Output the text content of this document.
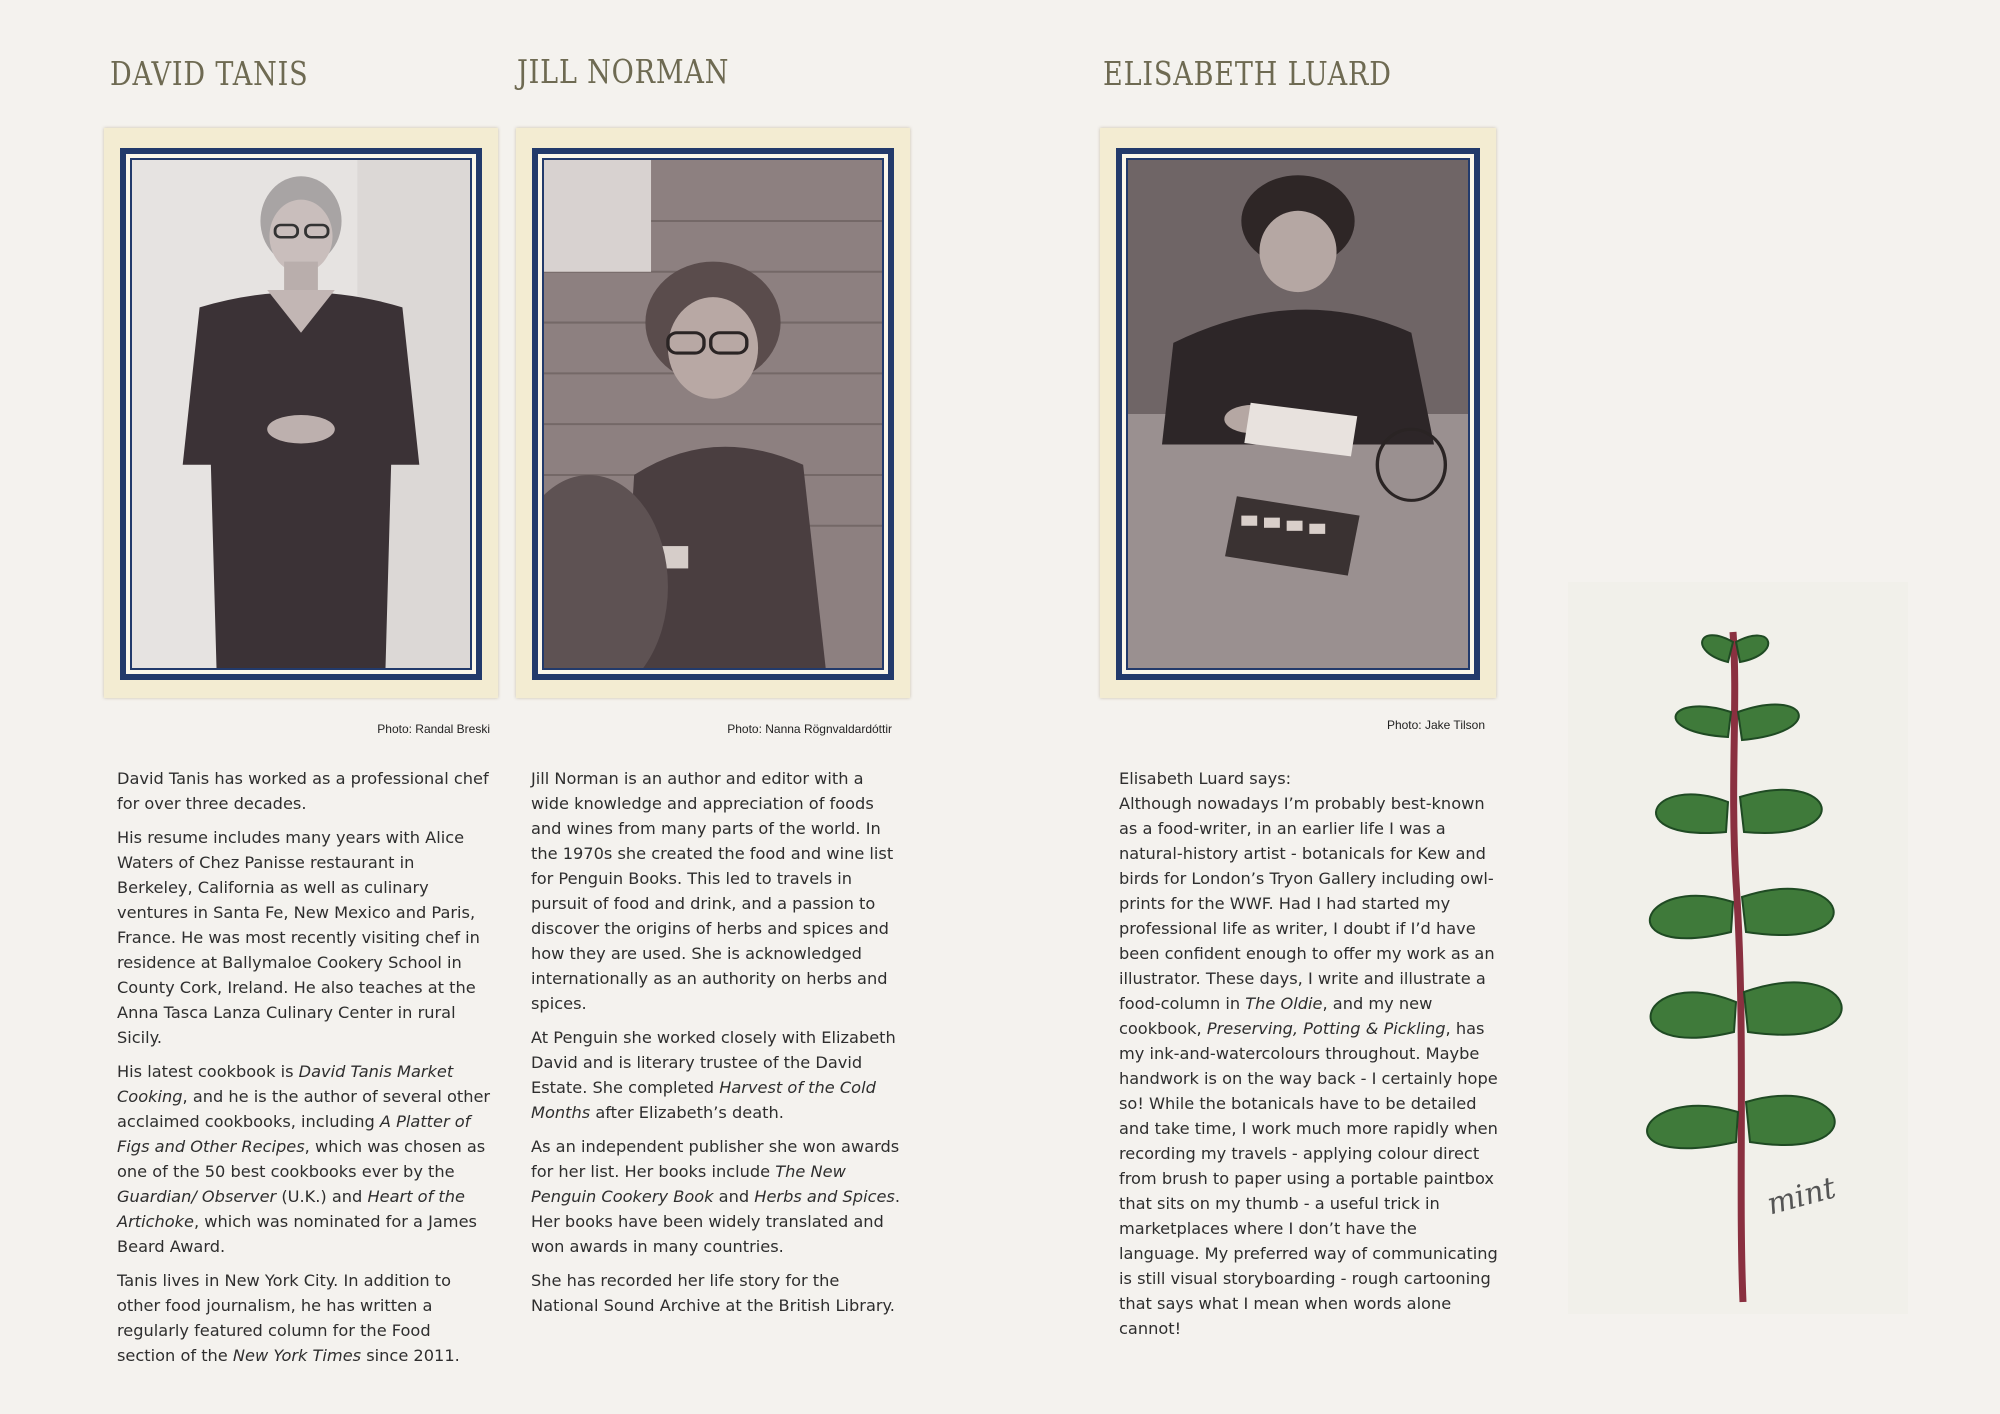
DAVID TANIS	JILL NORMAN	ELISABETH LUARD
Photo: Randal Breski	Photo: Nanna Rögnvaldardóttir	Photo: Jake Tilson

David Tanis has worked as a professional chef for over three decades.

His resume includes many years with Alice Waters of Chez Panisse restaurant in Berkeley, California as well as culinary ventures in Santa Fe, New Mexico and Paris, France. He was most recently visiting chef in residence at Ballymaloe Cookery School in County Cork, Ireland. He also teaches at the Anna Tasca Lanza Culinary Center in rural Sicily.

His latest cookbook is David Tanis Market Cooking, and he is the author of several other acclaimed cookbooks, including A Platter of Figs and Other Recipes, which was chosen as one of the 50 best cookbooks ever by the Guardian/ Observer (U.K.) and Heart of the Artichoke, which was nominated for a James Beard Award.

Tanis lives in New York City. In addition to other food journalism, he has written a regularly featured column for the Food section of the New York Times since 2011.

Jill Norman is an author and editor with a wide knowledge and appreciation of foods and wines from many parts of the world. In the 1970s she created the food and wine list for Penguin Books. This led to travels in pursuit of food and drink, and a passion to discover the origins of herbs and spices and how they are used. She is acknowledged internationally as an authority on herbs and spices.

At Penguin she worked closely with Elizabeth David and is literary trustee of the David Estate. She completed Harvest of the Cold Months after Elizabeth’s death.

As an independent publisher she won awards for her list. Her books include The New Penguin Cookery Book and Herbs and Spices. Her books have been widely translated and won awards in many countries.

She has recorded her life story for the National Sound Archive at the British Library.

Elisabeth Luard says:

Although nowadays I’m probably best-known as a food-writer, in an earlier life I was a natural-history artist - botanicals for Kew and birds for London’s Tryon Gallery including owl-prints for the WWF. Had I had started my professional life as writer, I doubt if I’d have been confident enough to offer my work as an illustrator. These days, I write and illustrate a food-column in The Oldie, and my new cookbook, Preserving, Potting & Pickling, has my ink-and-watercolours throughout. Maybe handwork is on the way back - I certainly hope so! While the botanicals have to be detailed and take time, I work much more rapidly when recording my travels - applying colour direct from brush to paper using a portable paintbox that sits on my thumb - a useful trick in marketplaces where I don’t have the language. My preferred way of communicating is still visual storyboarding - rough cartooning that says what I mean when words alone cannot!

mint
